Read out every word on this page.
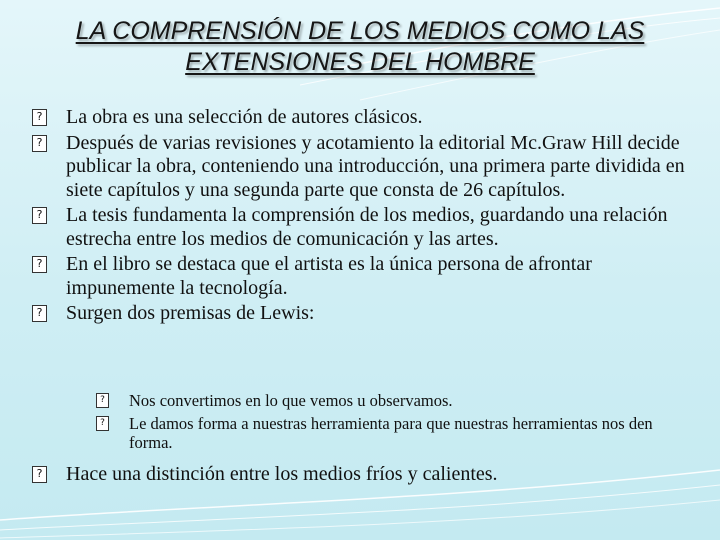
LA COMPRENSIÓN DE LOS MEDIOS COMO LAS EXTENSIONES DEL HOMBRE
? La obra es una selección de autores clásicos.
? Después de varias revisiones y acotamiento la editorial Mc.Graw Hill decide publicar la obra, conteniendo una introducción, una primera parte dividida en siete capítulos y una segunda parte que consta de 26 capítulos.
? La tesis fundamenta la comprensión de los medios, guardando una relación estrecha entre los medios de comunicación y las artes.
? En el libro se destaca que el artista es la única persona de afrontar impunemente la tecnología.
? Surgen dos premisas de Lewis:
? Nos convertimos en lo que vemos u observamos.
? Le damos forma a nuestras herramienta para que nuestras herramientas nos den forma.
? Hace una distinción entre los medios fríos y calientes.
